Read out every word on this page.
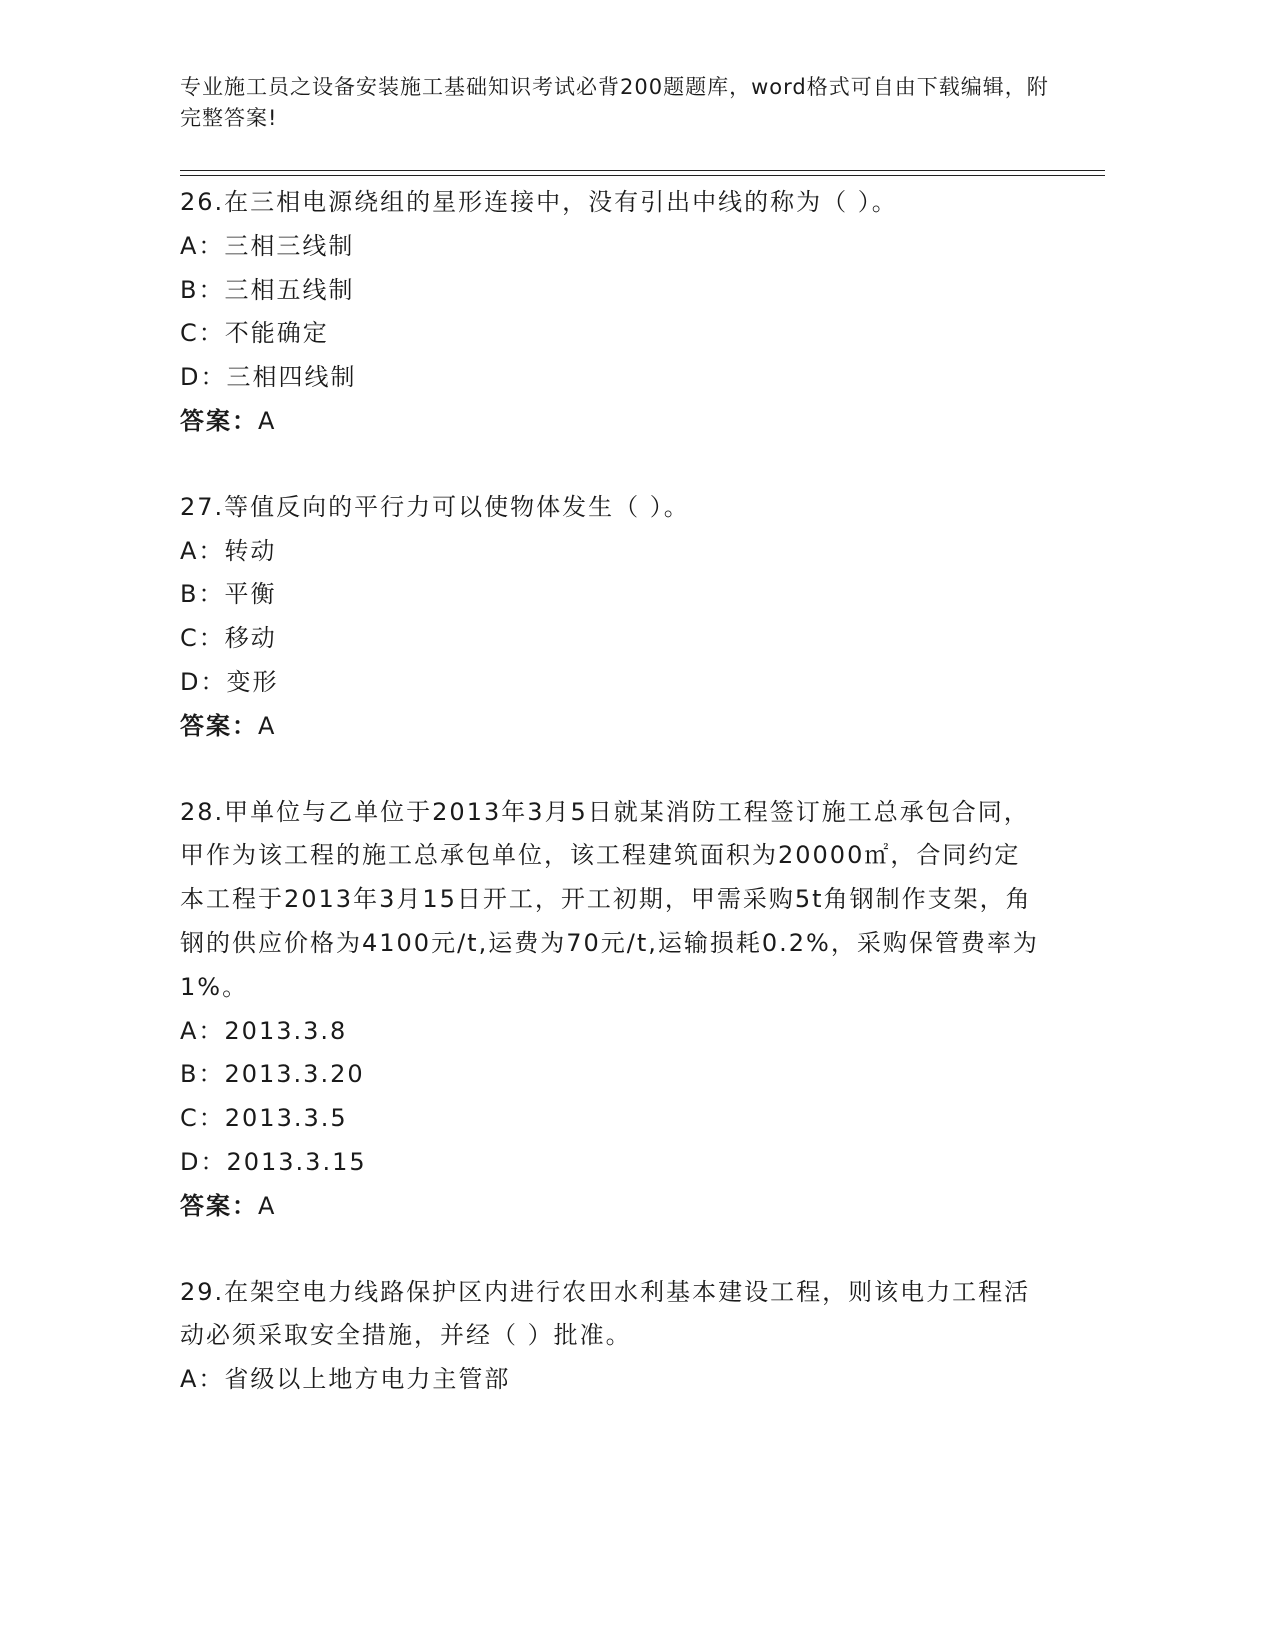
专业施工员之设备安装施工基础知识考试必背200题题库，word格式可自由下载编辑，附完整答案!

26.在三相电源绕组的星形连接中，没有引出中线的称为（ ）。

A：三相三线制

B：三相五线制

C：不能确定

D：三相四线制

答案：A

27.等值反向的平行力可以使物体发生（ ）。

A：转动

B：平衡

C：移动

D：变形

答案：A

28.甲单位与乙单位于2013年3月5日就某消防工程签订施工总承包合同，甲作为该工程的施工总承包单位，该工程建筑面积为20000㎡，合同约定本工程于2013年3月15日开工，开工初期，甲需采购5t角钢制作支架，角钢的供应价格为4100元/t,运费为70元/t,运输损耗0.2%，采购保管费率为1%。

A：2013.3.8

B：2013.3.20

C：2013.3.5

D：2013.3.15

答案：A

29.在架空电力线路保护区内进行农田水利基本建设工程，则该电力工程活动必须采取安全措施，并经（ ）批准。

A：省级以上地方电力主管部
